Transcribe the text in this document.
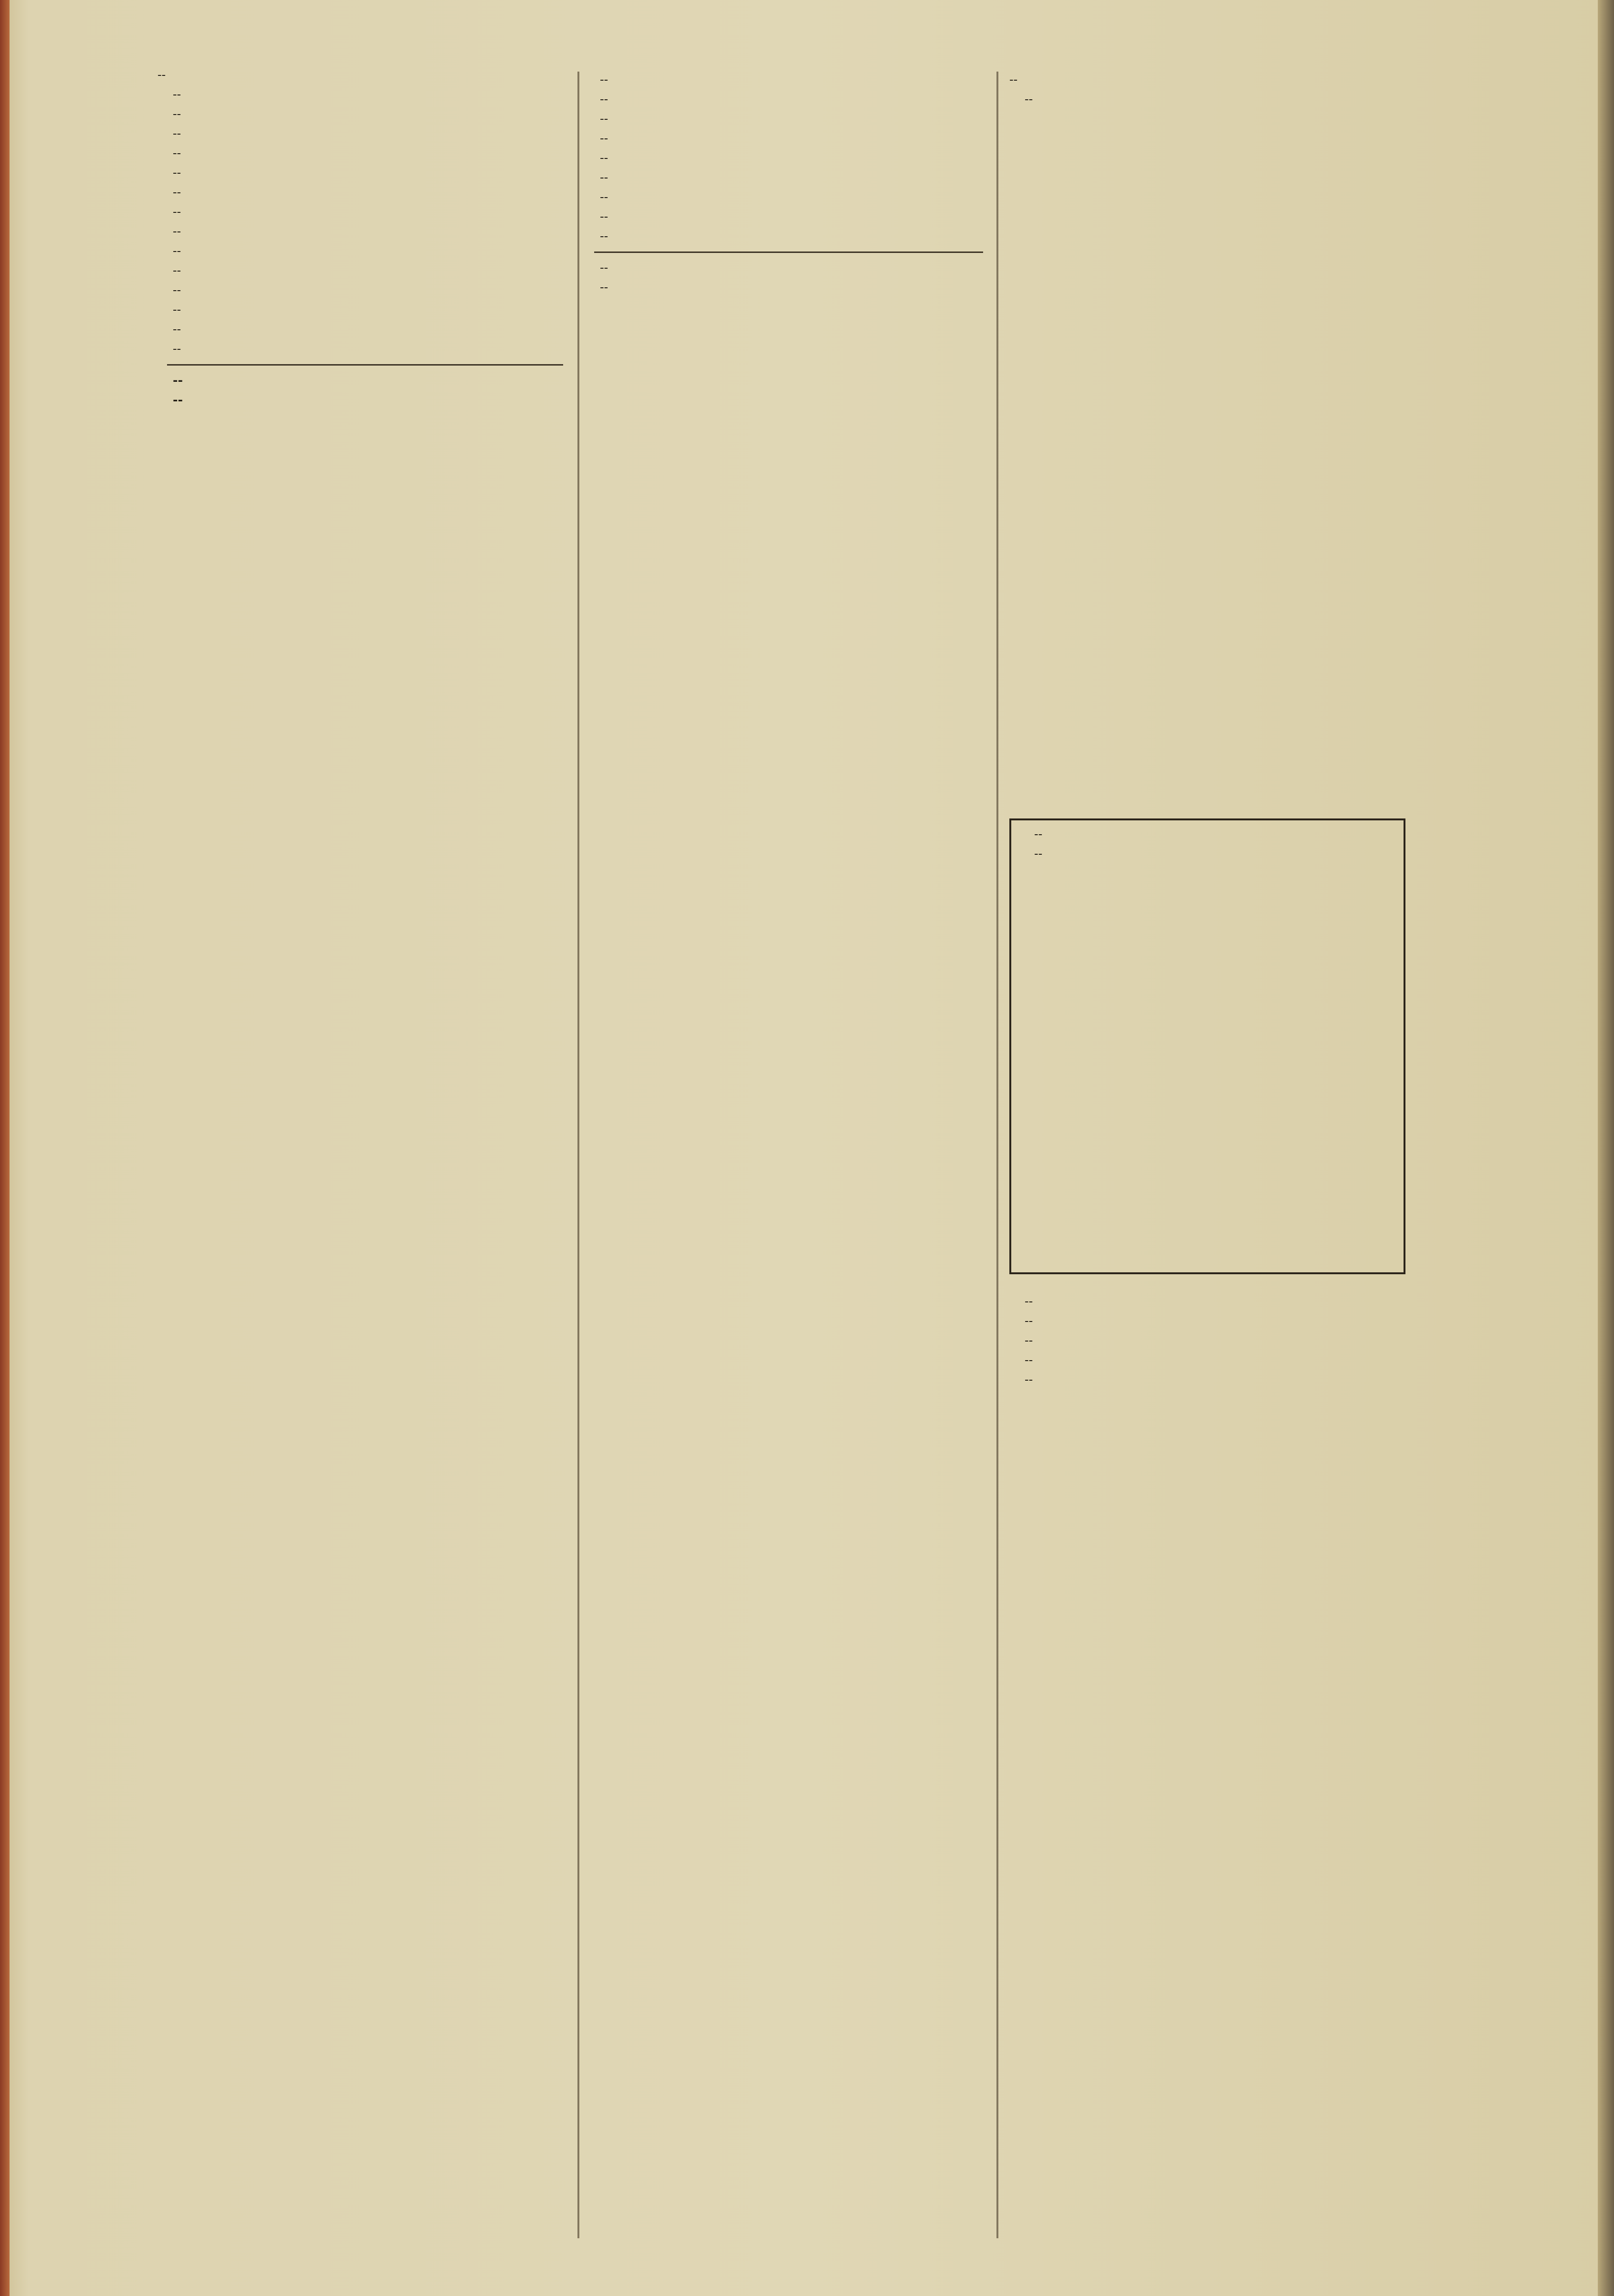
--

--

--

--

--

--

--

--

--

--

--

--

--

--

--

--

--

--

--

--

--

--

--

--

--

--

--

--

--

--

--

--

--

--

--

--

--
